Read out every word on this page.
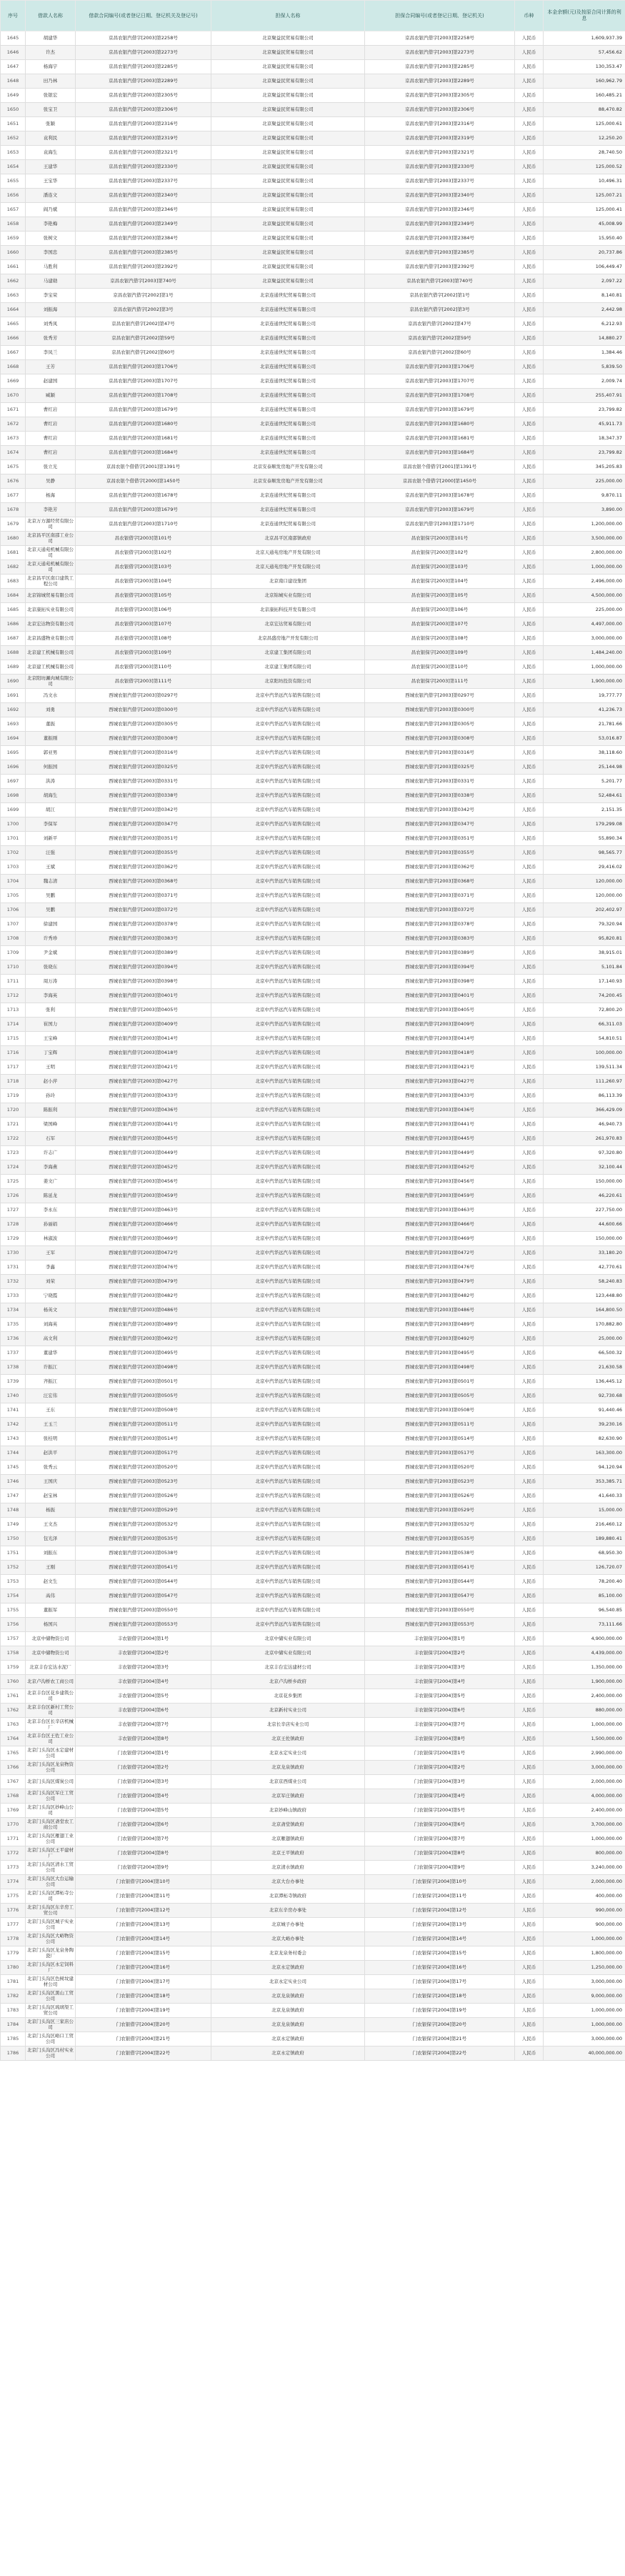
序号	借款人名称	借款合同编号(或者登记日期、登记机关及登记号)	担保人名称	担保合同编号(或者登记日期、登记机关)	币种	本金余额(元)及按原合同计算的利息
1645	胡建华	京昌农银汽借字[2003]第2258号	北京聚益民贸易有限公司	京昌农银汽借字[2003]第2258号	人民币	1,609,937.39
1646	许杰	京昌农银汽借字[2003]第2273号	北京聚益民贸易有限公司	京昌农银汽借字[2003]第2273号	人民币	57,456.62
1647	杨海宇	京昌农银汽借字[2003]第2285号	北京聚益民贸易有限公司	京昌农银汽借字[2003]第2285号	人民币	130,353.47
1648	田乃林	京昌农银汽借字[2003]第2289号	北京聚益民贸易有限公司	京昌农银汽借字[2003]第2289号	人民币	160,962.79
1649	张银宏	京昌农银汽借字[2003]第2305号	北京聚益民贸易有限公司	京昌农银汽借字[2003]第2305号	人民币	160,485.21
1650	张宝卫	京昌农银汽借字[2003]第2306号	北京聚益民贸易有限公司	京昌农银汽借字[2003]第2306号	人民币	88,470.82
1651	张颖	京昌农银汽借字[2003]第2316号	北京聚益民贸易有限公司	京昌农银汽借字[2003]第2316号	人民币	125,000.61
1652	袁利民	京昌农银汽借字[2003]第2319号	北京聚益民贸易有限公司	京昌农银汽借字[2003]第2319号	人民币	12,250.20
1653	袁海生	京昌农银汽借字[2003]第2321号	北京聚益民贸易有限公司	京昌农银汽借字[2003]第2321号	人民币	28,740.50
1654	王建华	京昌农银汽借字[2003]第2330号	北京聚益民贸易有限公司	京昌农银汽借字[2003]第2330号	人民币	125,000.52
1655	王宝华	京昌农银汽借字[2003]第2337号	北京聚益民贸易有限公司	京昌农银汽借字[2003]第2337号	人民币	10,496.31
1656	潘连文	京昌农银汽借字[2003]第2340号	北京聚益民贸易有限公司	京昌农银汽借字[2003]第2340号	人民币	125,007.21
1657	阎乃斌	京昌农银汽借字[2003]第2346号	北京聚益民贸易有限公司	京昌农银汽借字[2003]第2346号	人民币	125,000.41
1658	李艳梅	京昌农银汽借字[2003]第2349号	北京聚益民贸易有限公司	京昌农银汽借字[2003]第2349号	人民币	45,008.99
1659	张树文	京昌农银汽借字[2003]第2384号	北京聚益民贸易有限公司	京昌农银汽借字[2003]第2384号	人民币	15,950.40
1660	李国忠	京昌农银汽借字[2003]第2385号	北京聚益民贸易有限公司	京昌农银汽借字[2003]第2385号	人民币	20,737.86
1661	马胜利	京昌农银汽借字[2003]第2392号	北京聚益民贸易有限公司	京昌农银汽借字[2003]第2392号	人民币	106,449.47
1662	马建勋	京昌农银汽借字[2003]第740号	北京聚益民贸易有限公司	京昌农银汽借字[2003]第740号	人民币	2,097.22
1663	李宝荣	京昌农银汽借字[2002]第1号	北京连通世纪贸易有限公司	京昌农银汽借字[2002]第1号	人民币	8,140.81
1664	刘振海	京昌农银汽借字[2002]第3号	北京连通世纪贸易有限公司	京昌农银汽借字[2002]第3号	人民币	2,442.98
1665	刘秀凤	京昌农银汽借字[2002]第47号	北京连通世纪贸易有限公司	京昌农银汽借字[2002]第47号	人民币	6,212.93
1666	张秀芳	京昌农银汽借字[2002]第59号	北京连通世纪贸易有限公司	京昌农银汽借字[2002]第59号	人民币	14,880.27
1667	李凤兰	京昌农银汽借字[2002]第60号	北京连通世纪贸易有限公司	京昌农银汽借字[2002]第60号	人民币	1,384.46
1668	王芳	京昌农银汽借字[2003]第1706号	北京连通世纪贸易有限公司	京昌农银汽借字[2003]第1706号	人民币	5,839.50
1669	赵建国	京昌农银汽借字[2003]第1707号	北京连通世纪贸易有限公司	京昌农银汽借字[2003]第1707号	人民币	2,009.74
1670	臧颖	京昌农银汽借字[2003]第1708号	北京连通世纪贸易有限公司	京昌农银汽借字[2003]第1708号	人民币	255,407.91
1671	曹红岩	京昌农银汽借字[2003]第1679号	北京连通世纪贸易有限公司	京昌农银汽借字[2003]第1679号	人民币	23,799.82
1672	曹红岩	京昌农银汽借字[2003]第1680号	北京连通世纪贸易有限公司	京昌农银汽借字[2003]第1680号	人民币	45,911.73
1673	曹红岩	京昌农银汽借字[2003]第1681号	北京连通世纪贸易有限公司	京昌农银汽借字[2003]第1681号	人民币	18,347.37
1674	曹红岩	京昌农银汽借字[2003]第1684号	北京连通世纪贸易有限公司	京昌农银汽借字[2003]第1684号	人民币	23,799.82
1675	张立光	京昌农银个借借字[2001]第1391号	北京安泰顺发房地产开发有限公司	京昌农银个借借字[2001]第1391号	人民币	345,205.83
1676	吴静	京昌农银个借借字[2000]第1450号	北京安泰顺发房地产开发有限公司	京昌农银个借借字[2000]第1450号	人民币	225,000.00
1677	杨海	京昌农银汽借字[2003]第1678号	北京连通世纪贸易有限公司	京昌农银汽借字[2003]第1678号	人民币	9,870.11
1678	李艳芳	京昌农银汽借字[2003]第1679号	北京连通世纪贸易有限公司	京昌农银汽借字[2003]第1679号	人民币	3,890.00
1679	北京万方源经贸有限公司	京昌农银汽借字[2003]第1710号	北京连通世纪贸易有限公司	京昌农银汽借字[2003]第1710号	人民币	1,200,000.00
1680	北京昌平区南邵工业公司	昌农银借字[2003]第101号	北京昌平区南邵镇政府	昌农银保字[2003]第101号	人民币	3,500,000.00
1681	北京天通苑机械有限公司	昌农银借字[2003]第102号	北京天通苑房地产开发有限公司	昌农银保字[2003]第102号	人民币	2,800,000.00
1682	北京天通苑机械有限公司	昌农银借字[2003]第103号	北京天通苑房地产开发有限公司	昌农银保字[2003]第103号	人民币	1,000,000.00
1683	北京昌平区南口建筑工程公司	昌农银借字[2003]第104号	北京南口建设集团	昌农银保字[2003]第104号	人民币	2,496,000.00
1684	北京锦城贸易有限公司	昌农银借字[2003]第105号	北京锦城实业有限公司	昌农银保字[2003]第105号	人民币	4,500,000.00
1685	北京康拓实业有限公司	昌农银借字[2003]第106号	北京康拓科技开发有限公司	昌农银保字[2003]第106号	人民币	225,000.00
1686	北京宏达物资有限公司	昌农银借字[2003]第107号	北京宏达贸易有限公司	昌农银保字[2003]第107号	人民币	4,497,000.00
1687	北京昌盛物业有限公司	昌农银借字[2003]第108号	北京昌盛房地产开发有限公司	昌农银保字[2003]第108号	人民币	3,000,000.00
1688	北京建工机械有限公司	昌农银借字[2003]第109号	北京建工集团有限公司	昌农银保字[2003]第109号	人民币	1,484,240.00
1689	北京建工机械有限公司	昌农银借字[2003]第110号	北京建工集团有限公司	昌农银保字[2003]第110号	人民币	1,000,000.00
1690	北京阳坊涮肉城有限公司	昌农银借字[2003]第111号	北京阳坊投资有限公司	昌农银保字[2003]第111号	人民币	1,900,000.00
1691	冯文水	西城农银汽借字[2003]第0297号	北京中汽华远汽车销售有限公司	西城农银汽借字[2003]第0297号	人民币	19,777.77
1692	刘勇	西城农银汽借字[2003]第0300号	北京中汽华远汽车销售有限公司	西城农银汽借字[2003]第0300号	人民币	41,236.73
1693	董振	西城农银汽借字[2003]第0305号	北京中汽华远汽车销售有限公司	西城农银汽借字[2003]第0305号	人民币	21,781.66
1694	董振刚	西城农银汽借字[2003]第0308号	北京中汽华远汽车销售有限公司	西城农银汽借字[2003]第0308号	人民币	53,016.87
1695	郭亚男	西城农银汽借字[2003]第0316号	北京中汽华远汽车销售有限公司	西城农银汽借字[2003]第0316号	人民币	38,118.60
1696	何振国	西城农银汽借字[2003]第0325号	北京中汽华远汽车销售有限公司	西城农银汽借字[2003]第0325号	人民币	25,144.98
1697	洪涛	西城农银汽借字[2003]第0331号	北京中汽华远汽车销售有限公司	西城农银汽借字[2003]第0331号	人民币	5,201.77
1698	胡海生	西城农银汽借字[2003]第0338号	北京中汽华远汽车销售有限公司	西城农银汽借字[2003]第0338号	人民币	52,484.61
1699	胡江	西城农银汽借字[2003]第0342号	北京中汽华远汽车销售有限公司	西城农银汽借字[2003]第0342号	人民币	2,151.35
1700	李保军	西城农银汽借字[2003]第0347号	北京中汽华远汽车销售有限公司	西城农银汽借字[2003]第0347号	人民币	179,299.08
1701	刘新平	西城农银汽借字[2003]第0351号	北京中汽华远汽车销售有限公司	西城农银汽借字[2003]第0351号	人民币	55,890.34
1702	汪强	西城农银汽借字[2003]第0355号	北京中汽华远汽车销售有限公司	西城农银汽借字[2003]第0355号	人民币	98,565.77
1703	王斌	西城农银汽借字[2003]第0362号	北京中汽华远汽车销售有限公司	西城农银汽借字[2003]第0362号	人民币	29,416.02
1704	魏志清	西城农银汽借字[2003]第0368号	北京中汽华远汽车销售有限公司	西城农银汽借字[2003]第0368号	人民币	120,000.00
1705	吴鹏	西城农银汽借字[2003]第0371号	北京中汽华远汽车销售有限公司	西城农银汽借字[2003]第0371号	人民币	120,000.00
1706	吴鹏	西城农银汽借字[2003]第0372号	北京中汽华远汽车销售有限公司	西城农银汽借字[2003]第0372号	人民币	202,402.97
1707	徐建国	西城农银汽借字[2003]第0378号	北京中汽华远汽车销售有限公司	西城农银汽借字[2003]第0378号	人民币	79,320.94
1708	许秀珍	西城农银汽借字[2003]第0383号	北京中汽华远汽车销售有限公司	西城农银汽借字[2003]第0383号	人民币	95,820.81
1709	尹金斌	西城农银汽借字[2003]第0389号	北京中汽华远汽车销售有限公司	西城农银汽借字[2003]第0389号	人民币	38,915.01
1710	张晓东	西城农银汽借字[2003]第0394号	北京中汽华远汽车销售有限公司	西城农银汽借字[2003]第0394号	人民币	5,101.84
1711	周万涛	西城农银汽借字[2003]第0398号	北京中汽华远汽车销售有限公司	西城农银汽借字[2003]第0398号	人民币	17,140.93
1712	李海英	西城农银汽借字[2003]第0401号	北京中汽华远汽车销售有限公司	西城农银汽借字[2003]第0401号	人民币	74,200.45
1713	张利	西城农银汽借字[2003]第0405号	北京中汽华远汽车销售有限公司	西城农银汽借字[2003]第0405号	人民币	72,800.20
1714	崔国力	西城农银汽借字[2003]第0409号	北京中汽华远汽车销售有限公司	西城农银汽借字[2003]第0409号	人民币	66,311.03
1715	王宝峰	西城农银汽借字[2003]第0414号	北京中汽华远汽车销售有限公司	西城农银汽借字[2003]第0414号	人民币	54,810.51
1716	丁宝辉	西城农银汽借字[2003]第0418号	北京中汽华远汽车销售有限公司	西城农银汽借字[2003]第0418号	人民币	100,000.00
1717	王明	西城农银汽借字[2003]第0421号	北京中汽华远汽车销售有限公司	西城农银汽借字[2003]第0421号	人民币	139,511.34
1718	赵小萍	西城农银汽借字[2003]第0427号	北京中汽华远汽车销售有限公司	西城农银汽借字[2003]第0427号	人民币	111,260.97
1719	孙玲	西城农银汽借字[2003]第0433号	北京中汽华远汽车销售有限公司	西城农银汽借字[2003]第0433号	人民币	86,113.39
1720	陈振利	西城农银汽借字[2003]第0436号	北京中汽华远汽车销售有限公司	西城农银汽借字[2003]第0436号	人民币	366,429.09
1721	梁国峰	西城农银汽借字[2003]第0441号	北京中汽华远汽车销售有限公司	西城农银汽借字[2003]第0441号	人民币	46,940.73
1722	石军	西城农银汽借字[2003]第0445号	北京中汽华远汽车销售有限公司	西城农银汽借字[2003]第0445号	人民币	261,970.83
1723	许志广	西城农银汽借字[2003]第0449号	北京中汽华远汽车销售有限公司	西城农银汽借字[2003]第0449号	人民币	97,320.80
1724	李海燕	西城农银汽借字[2003]第0452号	北京中汽华远汽车销售有限公司	西城农银汽借字[2003]第0452号	人民币	32,100.44
1725	姜文广	西城农银汽借字[2003]第0456号	北京中汽华远汽车销售有限公司	西城农银汽借字[2003]第0456号	人民币	150,000.00
1726	陈延龙	西城农银汽借字[2003]第0459号	北京中汽华远汽车销售有限公司	西城农银汽借字[2003]第0459号	人民币	46,220.61
1727	李永东	西城农银汽借字[2003]第0463号	北京中汽华远汽车销售有限公司	西城农银汽借字[2003]第0463号	人民币	227,750.00
1728	孙丽娟	西城农银汽借字[2003]第0466号	北京中汽华远汽车销售有限公司	西城农银汽借字[2003]第0466号	人民币	44,600.66
1729	林淑波	西城农银汽借字[2003]第0469号	北京中汽华远汽车销售有限公司	西城农银汽借字[2003]第0469号	人民币	150,000.00
1730	王军	西城农银汽借字[2003]第0472号	北京中汽华远汽车销售有限公司	西城农银汽借字[2003]第0472号	人民币	33,180.20
1731	李鑫	西城农银汽借字[2003]第0476号	北京中汽华远汽车销售有限公司	西城农银汽借字[2003]第0476号	人民币	42,770.61
1732	刘荣	西城农银汽借字[2003]第0479号	北京中汽华远汽车销售有限公司	西城农银汽借字[2003]第0479号	人民币	58,240.83
1733	宁晓霞	西城农银汽借字[2003]第0482号	北京中汽华远汽车销售有限公司	西城农银汽借字[2003]第0482号	人民币	123,448.80
1734	杨英文	西城农银汽借字[2003]第0486号	北京中汽华远汽车销售有限公司	西城农银汽借字[2003]第0486号	人民币	164,800.50
1735	刘海英	西城农银汽借字[2003]第0489号	北京中汽华远汽车销售有限公司	西城农银汽借字[2003]第0489号	人民币	170,882.80
1736	高文利	西城农银汽借字[2003]第0492号	北京中汽华远汽车销售有限公司	西城农银汽借字[2003]第0492号	人民币	25,000.00
1737	董建华	西城农银汽借字[2003]第0495号	北京中汽华远汽车销售有限公司	西城农银汽借字[2003]第0495号	人民币	66,500.32
1738	许振江	西城农银汽借字[2003]第0498号	北京中汽华远汽车销售有限公司	西城农银汽借字[2003]第0498号	人民币	21,630.58
1739	齐振江	西城农银汽借字[2003]第0501号	北京中汽华远汽车销售有限公司	西城农银汽借字[2003]第0501号	人民币	136,445.12
1740	汪宏伟	西城农银汽借字[2003]第0505号	北京中汽华远汽车销售有限公司	西城农银汽借字[2003]第0505号	人民币	92,730.68
1741	王东	西城农银汽借字[2003]第0508号	北京中汽华远汽车销售有限公司	西城农银汽借字[2003]第0508号	人民币	91,440.46
1742	王玉兰	西城农银汽借字[2003]第0511号	北京中汽华远汽车销售有限公司	西城农银汽借字[2003]第0511号	人民币	39,230.16
1743	张桂明	西城农银汽借字[2003]第0514号	北京中汽华远汽车销售有限公司	西城农银汽借字[2003]第0514号	人民币	82,630.90
1744	赵洪平	西城农银汽借字[2003]第0517号	北京中汽华远汽车销售有限公司	西城农银汽借字[2003]第0517号	人民币	163,300.00
1745	张秀云	西城农银汽借字[2003]第0520号	北京中汽华远汽车销售有限公司	西城农银汽借字[2003]第0520号	人民币	94,120.94
1746	王国庆	西城农银汽借字[2003]第0523号	北京中汽华远汽车销售有限公司	西城农银汽借字[2003]第0523号	人民币	353,385.71
1747	赵宝林	西城农银汽借字[2003]第0526号	北京中汽华远汽车销售有限公司	西城农银汽借字[2003]第0526号	人民币	41,640.33
1748	杨振	西城农银汽借字[2003]第0529号	北京中汽华远汽车销售有限公司	西城农银汽借字[2003]第0529号	人民币	15,000.00
1749	王文杰	西城农银汽借字[2003]第0532号	北京中汽华远汽车销售有限公司	西城农银汽借字[2003]第0532号	人民币	216,460.12
1750	包光泽	西城农银汽借字[2003]第0535号	北京中汽华远汽车销售有限公司	西城农银汽借字[2003]第0535号	人民币	189,880.41
1751	刘振东	西城农银汽借字[2003]第0538号	北京中汽华远汽车销售有限公司	西城农银汽借字[2003]第0538号	人民币	68,950.30
1752	王刚	西城农银汽借字[2003]第0541号	北京中汽华远汽车销售有限公司	西城农银汽借字[2003]第0541号	人民币	126,720.07
1753	赵文生	西城农银汽借字[2003]第0544号	北京中汽华远汽车销售有限公司	西城农银汽借字[2003]第0544号	人民币	78,200.40
1754	高伟	西城农银汽借字[2003]第0547号	北京中汽华远汽车销售有限公司	西城农银汽借字[2003]第0547号	人民币	85,100.00
1755	董振军	西城农银汽借字[2003]第0550号	北京中汽华远汽车销售有限公司	西城农银汽借字[2003]第0550号	人民币	96,540.85
1756	杨国兴	西城农银汽借字[2003]第0553号	北京中汽华远汽车销售有限公司	西城农银汽借字[2003]第0553号	人民币	73,111.66
1757	北京中储物资公司	丰农银借字[2004]第1号	北京中储实业有限公司	丰农银保字[2004]第1号	人民币	4,900,000.00
1758	北京中储物资公司	丰农银借字[2004]第2号	北京中储实业有限公司	丰农银保字[2004]第2号	人民币	4,439,000.00
1759	北京丰台宏达水泥厂	丰农银借字[2004]第3号	北京丰台宏达建材公司	丰农银保字[2004]第3号	人民币	1,350,000.00
1760	北京卢沟桥农工商公司	丰农银借字[2004]第4号	北京卢沟桥乡政府	丰农银保字[2004]第4号	人民币	1,900,000.00
1761	北京丰台区花乡建筑公司	丰农银借字[2004]第5号	北京花乡集团	丰农银保字[2004]第5号	人民币	2,400,000.00
1762	北京丰台区新村工贸公司	丰农银借字[2004]第6号	北京新村实业公司	丰农银保字[2004]第6号	人民币	880,000.00
1763	北京丰台区长辛店机械厂	丰农银借字[2004]第7号	北京长辛店实业公司	丰农银保字[2004]第7号	人民币	1,000,000.00
1764	北京丰台区王佐工业公司	丰农银借字[2004]第8号	北京王佐镇政府	丰农银保字[2004]第8号	人民币	1,500,000.00
1765	北京门头沟区永定建材公司	门农银借字[2004]第1号	北京永定实业公司	门农银保字[2004]第1号	人民币	2,990,000.00
1766	北京门头沟区龙泉物资公司	门农银借字[2004]第2号	北京龙泉镇政府	门农银保字[2004]第2号	人民币	3,000,000.00
1767	北京门头沟区煤炭公司	门农银借字[2004]第3号	北京京西煤业公司	门农银保字[2004]第3号	人民币	2,000,000.00
1768	北京门头沟区军庄工贸公司	门农银借字[2004]第4号	北京军庄镇政府	门农银保字[2004]第4号	人民币	4,000,000.00
1769	北京门头沟区妙峰山公司	门农银借字[2004]第5号	北京妙峰山镇政府	门农银保字[2004]第5号	人民币	2,400,000.00
1770	北京门头沟区斋堂农工商公司	门农银借字[2004]第6号	北京斋堂镇政府	门农银保字[2004]第6号	人民币	3,700,000.00
1771	北京门头沟区雁翅工业公司	门农银借字[2004]第7号	北京雁翅镇政府	门农银保字[2004]第7号	人民币	1,000,000.00
1772	北京门头沟区王平建材厂	门农银借字[2004]第8号	北京王平镇政府	门农银保字[2004]第8号	人民币	800,000.00
1773	北京门头沟区清水工贸公司	门农银借字[2004]第9号	北京清水镇政府	门农银保字[2004]第9号	人民币	3,240,000.00
1774	北京门头沟区大台运输公司	门农银借字[2004]第10号	北京大台办事处	门农银保字[2004]第10号	人民币	2,000,000.00
1775	北京门头沟区潭柘寺公司	门农银借字[2004]第11号	北京潭柘寺镇政府	门农银保字[2004]第11号	人民币	400,000.00
1776	北京门头沟区东辛房工贸公司	门农银借字[2004]第12号	北京东辛房办事处	门农银保字[2004]第12号	人民币	990,000.00
1777	北京门头沟区城子实业公司	门农银借字[2004]第13号	北京城子办事处	门农银保字[2004]第13号	人民币	900,000.00
1778	北京门头沟区大峪物资公司	门农银借字[2004]第14号	北京大峪办事处	门农银保字[2004]第14号	人民币	1,000,000.00
1779	北京门头沟区龙泉务陶瓷厂	门农银借字[2004]第15号	北京龙泉务村委会	门农银保字[2004]第15号	人民币	1,800,000.00
1780	北京门头沟区永定饲料厂	门农银借字[2004]第16号	北京永定镇政府	门农银保字[2004]第16号	人民币	1,250,000.00
1781	北京门头沟区色树坟建材公司	门农银借字[2004]第17号	北京永定实业公司	门农银保字[2004]第17号	人民币	3,000,000.00
1782	北京门头沟区黑山工贸公司	门农银借字[2004]第18号	北京龙泉镇政府	门农银保字[2004]第18号	人民币	9,000,000.00
1783	北京门头沟区琉璃渠工贸公司	门农银借字[2004]第19号	北京龙泉镇政府	门农银保字[2004]第19号	人民币	1,000,000.00
1784	北京门头沟区三家店公司	门农银借字[2004]第20号	北京龙泉镇政府	门农银保字[2004]第20号	人民币	1,000,000.00
1785	北京门头沟区峪口工贸公司	门农银借字[2004]第21号	北京永定镇政府	门农银保字[2004]第21号	人民币	3,000,000.00
1786	北京门头沟区冯村实业公司	门农银借字[2004]第22号	北京永定镇政府	门农银保字[2004]第22号	人民币	40,000,000.00
